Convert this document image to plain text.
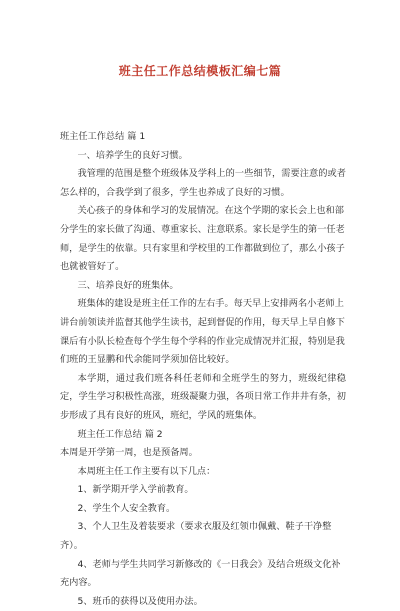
班主任工作总结模板汇编七篇

班主任工作总结 篇 1

一、培养学生的良好习惯。

我管理的范围是整个班级体及学科上的一些细节，需要注意的或者怎么样的，合我学到了很多，学生也养成了良好的习惯。

关心孩子的身体和学习的发展情况。在这个学期的家长会上也和部分学生的家长做了沟通、尊重家长、注意联系。家长是学生的第一任老师，是学生的依靠。只有家里和学校里的工作都做到位了，那么小孩子也就被管好了。

三、培养良好的班集体。

班集体的建设是班主任工作的左右手。每天早上安排两名小老师上讲台前领读并监督其他学生读书，起到督促的作用，每天早上早自修下课后有小队长检查每个学生每个学科的作业完成情况并汇报，特别是我们班的王显鹏和代余能同学须加倍比较好。

本学期，通过我们班各科任老师和全班学生的努力，班级纪律稳定，学生学习积极性高涨，班级凝聚力强，各项日常工作井井有条，初步形成了具有良好的班风，班纪，学风的班集体。

班主任工作总结 篇 2

本周是开学第一周，也是预备周。

本周班主任工作主要有以下几点：

1、新学期开学入学前教育。

2、学生个人安全教育。

3、个人卫生及着装要求（要求衣服及红领巾佩戴、鞋子干净整齐）。

4、老师与学生共同学习新修改的《一日我会》及结合班级文化补充内容。

5、班币的获得以及使用办法。
